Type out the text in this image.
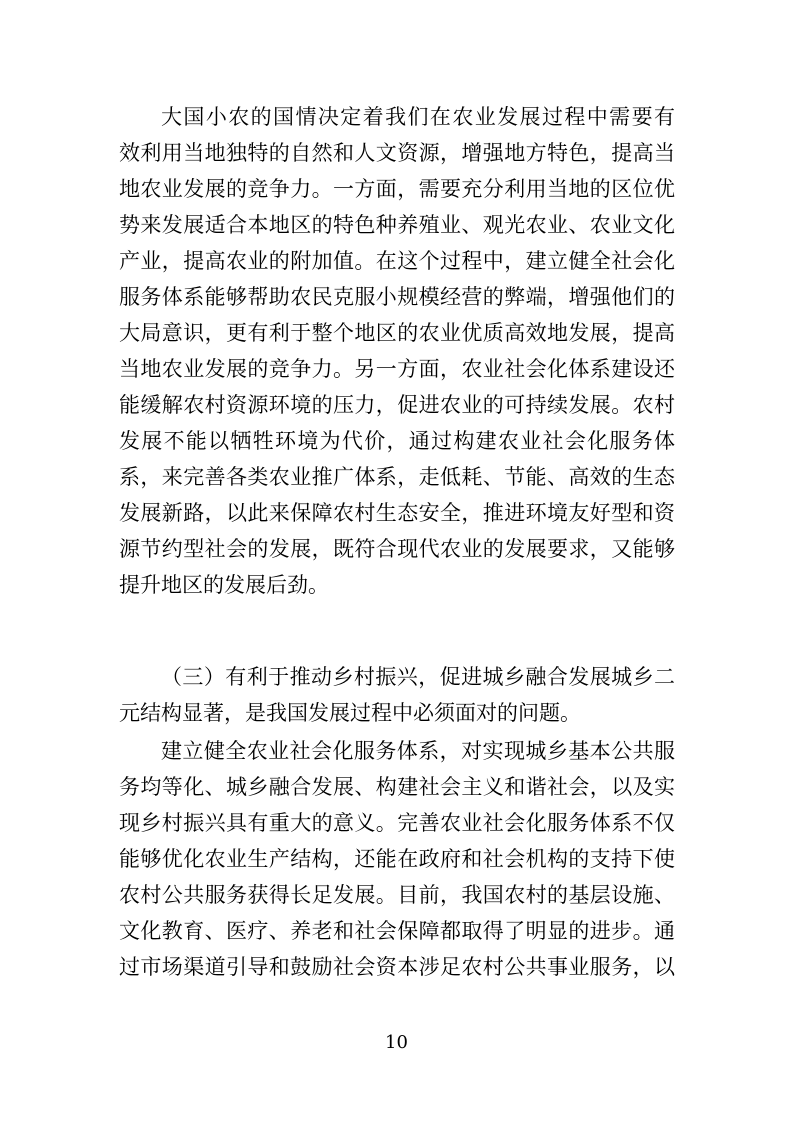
大国小农的国情决定着我们在农业发展过程中需要有
效利用当地独特的自然和人文资源，增强地方特色，提高当
地农业发展的竞争力。一方面，需要充分利用当地的区位优
势来发展适合本地区的特色种养殖业、观光农业、农业文化
产业，提高农业的附加值。在这个过程中，建立健全社会化
服务体系能够帮助农民克服小规模经营的弊端，增强他们的
大局意识，更有利于整个地区的农业优质高效地发展，提高
当地农业发展的竞争力。另一方面，农业社会化体系建设还
能缓解农村资源环境的压力，促进农业的可持续发展。农村
发展不能以牺牲环境为代价，通过构建农业社会化服务体
系，来完善各类农业推广体系，走低耗、节能、高效的生态
发展新路，以此来保障农村生态安全，推进环境友好型和资
源节约型社会的发展，既符合现代农业的发展要求，又能够
提升地区的发展后劲。
（三）有利于推动乡村振兴，促进城乡融合发展城乡二
元结构显著，是我国发展过程中必须面对的问题。
建立健全农业社会化服务体系，对实现城乡基本公共服
务均等化、城乡融合发展、构建社会主义和谐社会，以及实
现乡村振兴具有重大的意义。完善农业社会化服务体系不仅
能够优化农业生产结构，还能在政府和社会机构的支持下使
农村公共服务获得长足发展。目前，我国农村的基层设施、
文化教育、医疗、养老和社会保障都取得了明显的进步。通
过市场渠道引导和鼓励社会资本涉足农村公共事业服务，以
10
